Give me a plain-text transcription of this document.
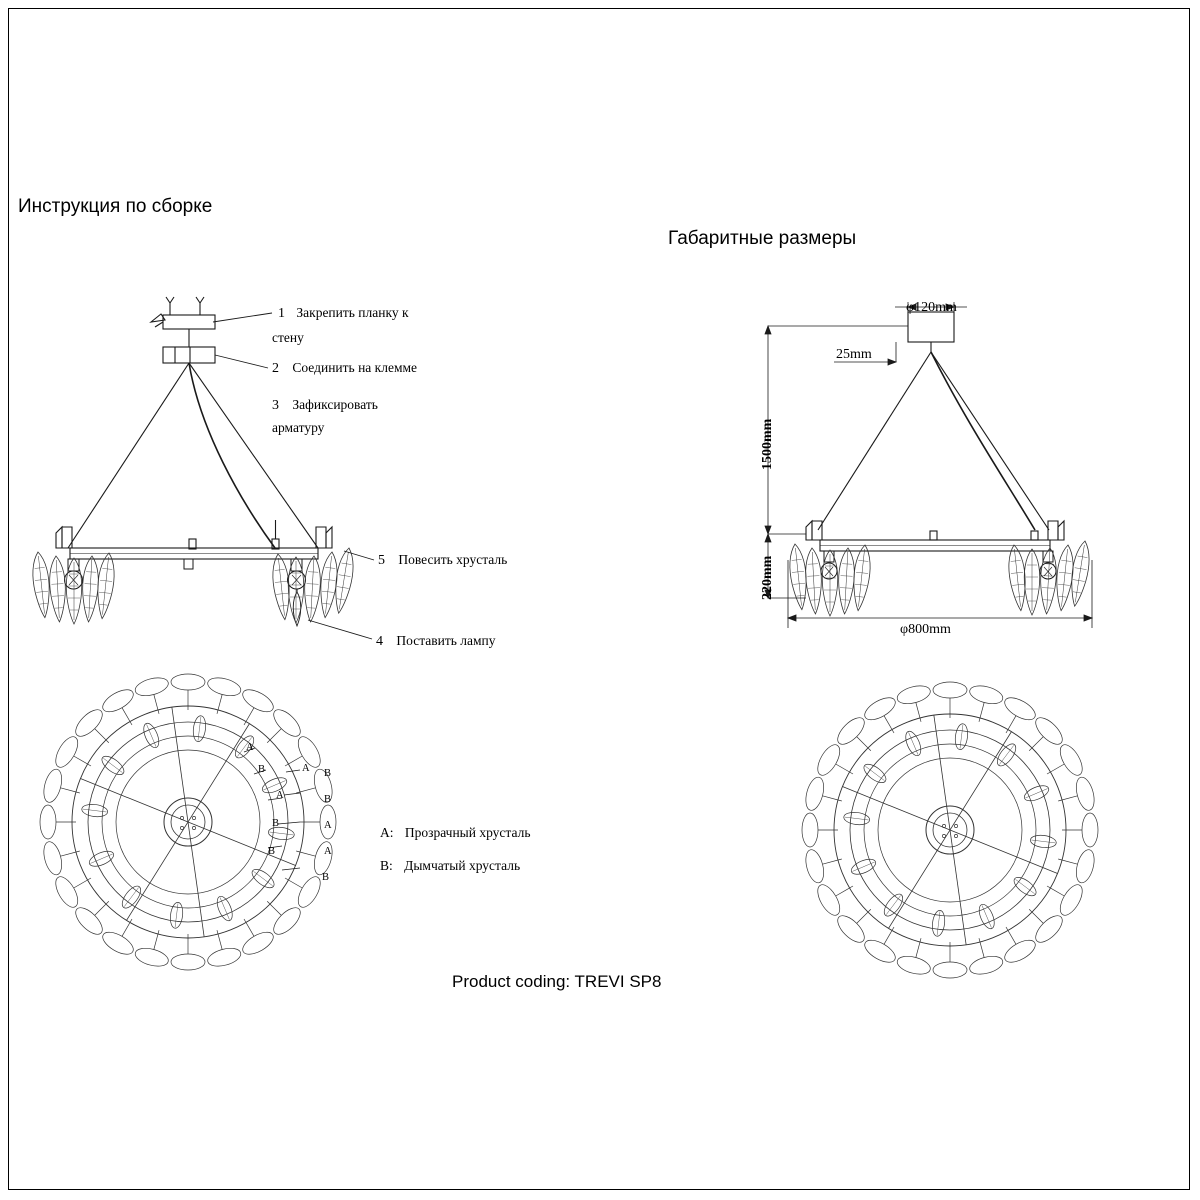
Инструкция по сборке
Габаритные размеры
1 Закрепить планку к
стену
2 Соединить на клемме
3 Зафиксировать
арматуру
5 Повесить хрусталь
4 Поставить лампу
A
B	A B
A	B
B	A
B	A
B
A: Прозрачный хрусталь
B: Дымчатый хрусталь
φ120mm
25mm
1500mm
220mm
φ800mm
Product coding: TREVI SP8
